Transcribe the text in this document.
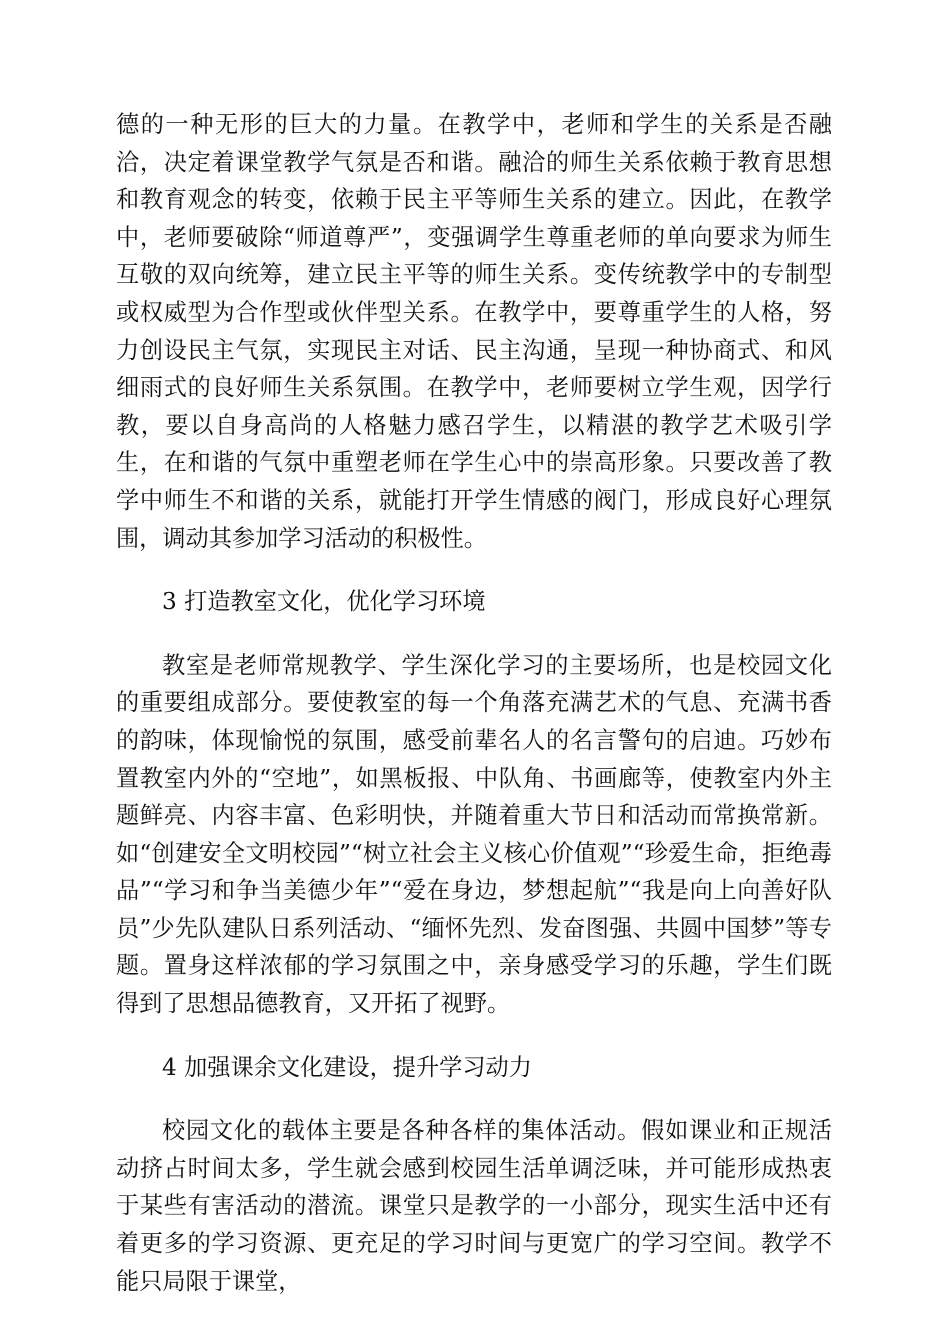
德的一种无形的巨大的力量。在教学中，老师和学生的关系是否融洽，决定着课堂教学气氛是否和谐。融洽的师生关系依赖于教育思想和教育观念的转变，依赖于民主平等师生关系的建立。因此，在教学中，老师要破除“师道尊严”，变强调学生尊重老师的单向要求为师生互敬的双向统筹，建立民主平等的师生关系。变传统教学中的专制型或权威型为合作型或伙伴型关系。在教学中，要尊重学生的人格，努力创设民主气氛，实现民主对话、民主沟通，呈现一种协商式、和风细雨式的良好师生关系氛围。在教学中，老师要树立学生观，因学行教，要以自身高尚的人格魅力感召学生，以精湛的教学艺术吸引学生，在和谐的气氛中重塑老师在学生心中的崇高形象。只要改善了教学中师生不和谐的关系，就能打开学生情感的阀门，形成良好心理氛围，调动其参加学习活动的积极性。

3 打造教室文化，优化学习环境

教室是老师常规教学、学生深化学习的主要场所，也是校园文化的重要组成部分。要使教室的每一个角落充满艺术的气息、充满书香的韵味，体现愉悦的氛围，感受前辈名人的名言警句的启迪。巧妙布置教室内外的“空地”，如黑板报、中队角、书画廊等，使教室内外主题鲜亮、内容丰富、色彩明快，并随着重大节日和活动而常换常新。如“创建安全文明校园”“树立社会主义核心价值观”“珍爱生命，拒绝毒品”“学习和争当美德少年”“爱在身边，梦想起航”“我是向上向善好队员”少先队建队日系列活动、“缅怀先烈、发奋图强、共圆中国梦”等专题。置身这样浓郁的学习氛围之中，亲身感受学习的乐趣，学生们既得到了思想品德教育，又开拓了视野。

4 加强课余文化建设，提升学习动力

校园文化的载体主要是各种各样的集体活动。假如课业和正规活动挤占时间太多，学生就会感到校园生活单调泛味，并可能形成热衷于某些有害活动的潜流。课堂只是教学的一小部分，现实生活中还有着更多的学习资源、更充足的学习时间与更宽广的学习空间。教学不能只局限于课堂，
